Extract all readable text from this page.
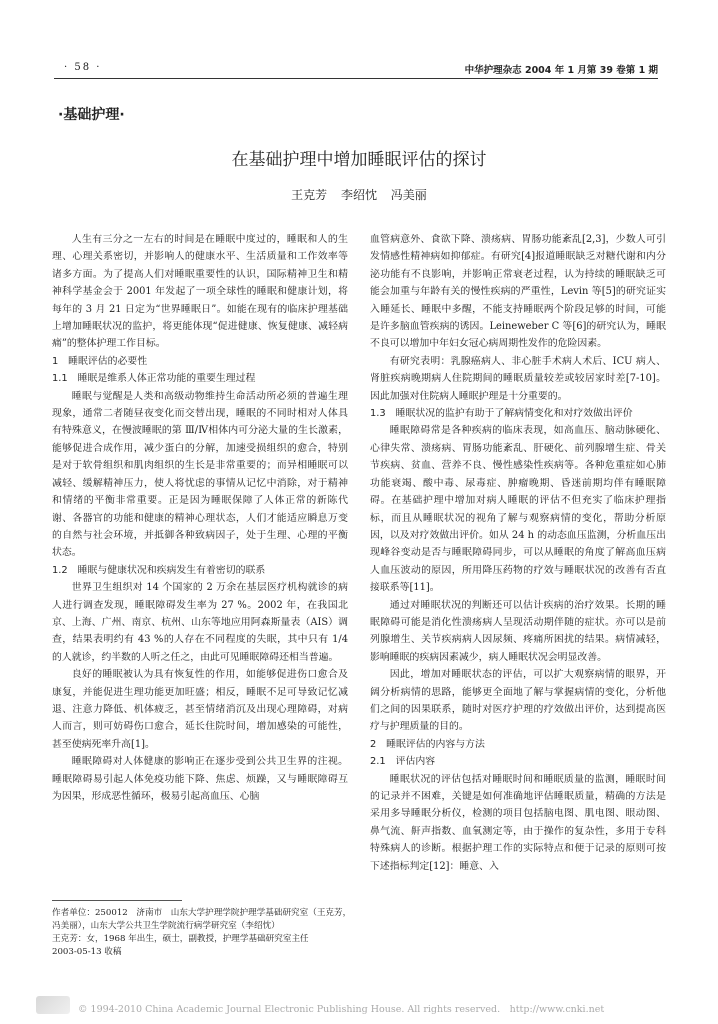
· 58 ·	中华护理杂志 2004 年 1 月第 39 卷第 1 期
·基础护理·
在基础护理中增加睡眠评估的探讨
王克芳 李绍忱 冯美丽

人生有三分之一左右的时间是在睡眠中度过的，睡眠和人的生理、心理关系密切，并影响人的健康水平、生活质量和工作效率等诸多方面。为了提高人们对睡眠重要性的认识，国际精神卫生和精神科学基金会于 2001 年发起了一项全球性的睡眠和健康计划，将每年的 3 月 21 日定为“世界睡眠日”。如能在现有的临床护理基础上增加睡眠状况的监护，将更能体现“促进健康、恢复健康、减轻病痛”的整体护理工作目标。

1　睡眠评估的必要性

1.1　睡眠是维系人体正常功能的重要生理过程

睡眠与觉醒是人类和高级动物维持生命活动所必须的普遍生理现象，通常二者随昼夜变化而交替出现，睡眠的不同时相对人体具有特殊意义，在慢波睡眠的第 Ⅲ/Ⅳ相体内可分泌大量的生长激素，能够促进合成作用，减少蛋白的分解，加速受损组织的愈合，特别是对于软骨组织和肌肉组织的生长是非常重要的；而异相睡眠可以减轻、缓解精神压力，使人将忧虑的事情从记忆中消除，对于精神和情绪的平衡非常重要。正是因为睡眠保障了人体正常的新陈代谢、各器官的功能和健康的精神心理状态，人们才能适应瞬息万变的自然与社会环境，并抵御各种致病因子，处于生理、心理的平衡状态。

1.2　睡眠与健康状况和疾病发生有着密切的联系

世界卫生组织对 14 个国家的 2 万余在基层医疗机构就诊的病人进行调查发现，睡眠障碍发生率为 27 %。2002 年，在我国北京、上海、广州、南京、杭州、山东等地应用阿森斯量表（AIS）调查，结果表明约有 43 %的人存在不同程度的失眠，其中只有 1/4 的人就诊，约半数的人听之任之，由此可见睡眠障碍还相当普遍。

良好的睡眠被认为具有恢复性的作用，如能够促进伤口愈合及康复，并能促进生理功能更加旺盛；相反，睡眠不足可导致记忆减退、注意力降低、机体疲乏，甚至情绪消沉及出现心理障碍，对病人而言，则可妨碍伤口愈合，延长住院时间，增加感染的可能性，甚至使病死率升高[1]。

睡眠障碍对人体健康的影响正在逐步受到公共卫生界的注视。睡眠障碍易引起人体免疫功能下降、焦虑、烦躁，又与睡眠障碍互为因果，形成恶性循环，极易引起高血压、心脑

血管病意外、食欲下降、溃疡病、胃肠功能紊乱[2,3]，少数人可引发情感性精神病如抑郁症。有研究[4]报道睡眠缺乏对糖代谢和内分泌功能有不良影响，并影响正常衰老过程，认为持续的睡眠缺乏可能会加重与年龄有关的慢性疾病的严重性，Levin 等[5]的研究证实入睡延长、睡眠中多醒，不能支持睡眠两个阶段足够的时间，可能是许多脑血管疾病的诱因。Leineweber C 等[6]的研究认为，睡眠不良可以增加中年妇女冠心病周期性发作的危险因素。

有研究表明：乳腺癌病人、非心脏手术病人术后、ICU 病人、肾脏疾病晚期病人住院期间的睡眠质量较差或较居家时差[7-10]。因此加强对住院病人睡眠护理是十分重要的。

1.3　睡眠状况的监护有助于了解病情变化和对疗效做出评价

睡眠障碍常是各种疾病的临床表现，如高血压、脑动脉硬化、心律失常、溃疡病、胃肠功能紊乱、肝硬化、前列腺增生症、骨关节疾病、贫血、营养不良、慢性感染性疾病等。各种危重症如心肺功能衰竭、酸中毒、尿毒症、肿瘤晚期、昏迷前期均伴有睡眠障碍。在基础护理中增加对病人睡眠的评估不但充实了临床护理指标，而且从睡眠状况的视角了解与观察病情的变化，帮助分析原因，以及对疗效做出评价。如从 24 h 的动态血压监测，分析血压出现峰谷变动是否与睡眠障碍同步，可以从睡眠的角度了解高血压病人血压波动的原因，所用降压药物的疗效与睡眠状况的改善有否直接联系等[11]。

通过对睡眠状况的判断还可以估计疾病的治疗效果。长期的睡眠障碍可能是消化性溃疡病人呈现活动期伴随的症状。亦可以是前列腺增生、关节疾病病人因尿频、疼痛所困扰的结果。病情减轻，影响睡眠的疾病因素减少，病人睡眠状况会明显改善。

因此，增加对睡眠状态的评估，可以扩大观察病情的眼界，开阔分析病情的思路，能够更全面地了解与掌握病情的变化，分析他们之间的因果联系，随时对医疗护理的疗效做出评价，达到提高医疗与护理质量的目的。

2　睡眠评估的内容与方法

2.1　评估内容

睡眠状况的评估包括对睡眠时间和睡眠质量的监测，睡眠时间的记录并不困难，关键是如何准确地评估睡眠质量，精确的方法是采用多导睡眠分析仪，检测的项目包括脑电图、肌电图、眼动图、鼻气流、鼾声指数、血氧测定等，由于操作的复杂性，多用于专科特殊病人的诊断。根据护理工作的实际特点和便于记录的原则可按下述指标判定[12]：睡意、入

作者单位：250012　济南市　山东大学护理学院护理学基础研究室（王克芳，冯美丽），山东大学公共卫生学院流行病学研究室（李绍忱）
王克芳：女，1968 年出生，硕士，副教授，护理学基础研究室主任
2003-05-13 收稿
© 1994-2010 China Academic Journal Electronic Publishing House. All rights reserved.　http://www.cnki.net
